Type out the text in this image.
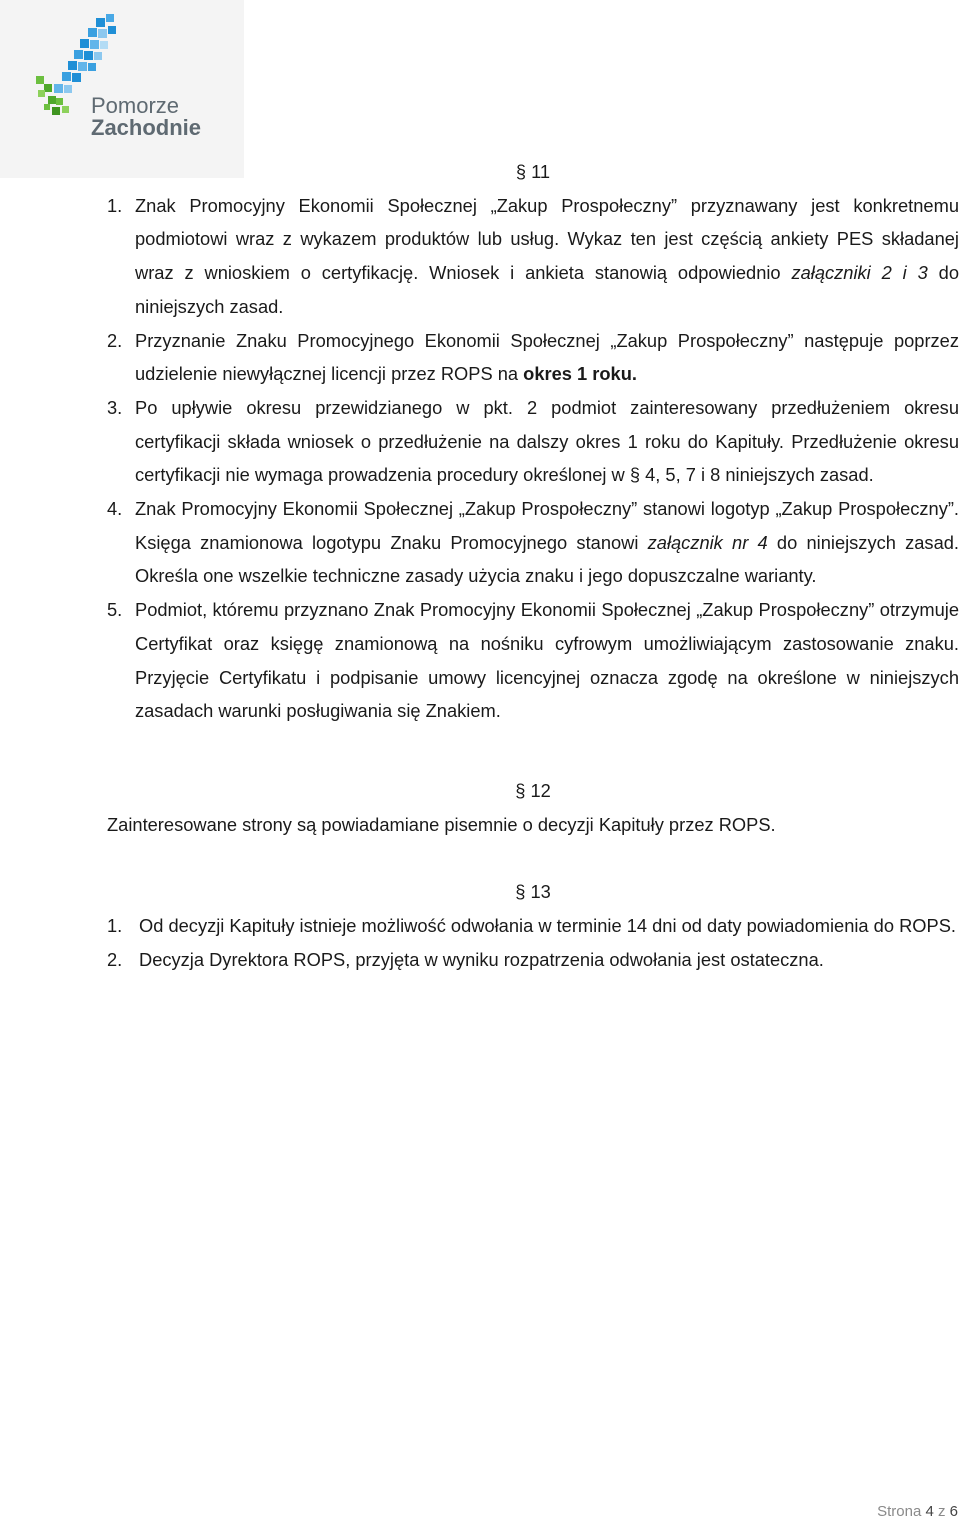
Pomorze
Zachodnie
§ 11
1. Znak Promocyjny Ekonomii Społecznej „Zakup Prospołeczny” przyznawany jest konkretnemu podmiotowi wraz z wykazem produktów lub usług. Wykaz ten jest częścią ankiety PES składanej wraz z wnioskiem o certyfikację. Wniosek i ankieta stanowią odpowiednio załączniki 2 i 3 do niniejszych zasad.
2. Przyznanie Znaku Promocyjnego Ekonomii Społecznej „Zakup Prospołeczny” następuje poprzez udzielenie niewyłącznej licencji przez ROPS na okres 1 roku.
3. Po upływie okresu przewidzianego w pkt. 2 podmiot zainteresowany przedłużeniem okresu certyfikacji składa wniosek o przedłużenie na dalszy okres 1 roku do Kapituły. Przedłużenie okresu certyfikacji nie wymaga prowadzenia procedury określonej w § 4, 5, 7 i 8 niniejszych zasad.
4. Znak Promocyjny Ekonomii Społecznej „Zakup Prospołeczny” stanowi logotyp „Zakup Prospołeczny”. Księga znamionowa logotypu Znaku Promocyjnego stanowi załącznik nr 4 do niniejszych zasad. Określa one wszelkie techniczne zasady użycia znaku i jego dopuszczalne warianty.
5. Podmiot, któremu przyznano Znak Promocyjny Ekonomii Społecznej „Zakup Prospołeczny” otrzymuje Certyfikat oraz księgę znamionową na nośniku cyfrowym umożliwiającym zastosowanie znaku. Przyjęcie Certyfikatu i podpisanie umowy licencyjnej oznacza zgodę na określone w niniejszych zasadach warunki posługiwania się Znakiem.
§ 12
Zainteresowane strony są powiadamiane pisemnie o decyzji Kapituły przez ROPS.
§ 13
1. Od decyzji Kapituły istnieje możliwość odwołania w terminie 14 dni od daty powiadomienia do ROPS.
2. Decyzja Dyrektora ROPS, przyjęta w wyniku rozpatrzenia odwołania jest ostateczna.
Strona 4 z 6
